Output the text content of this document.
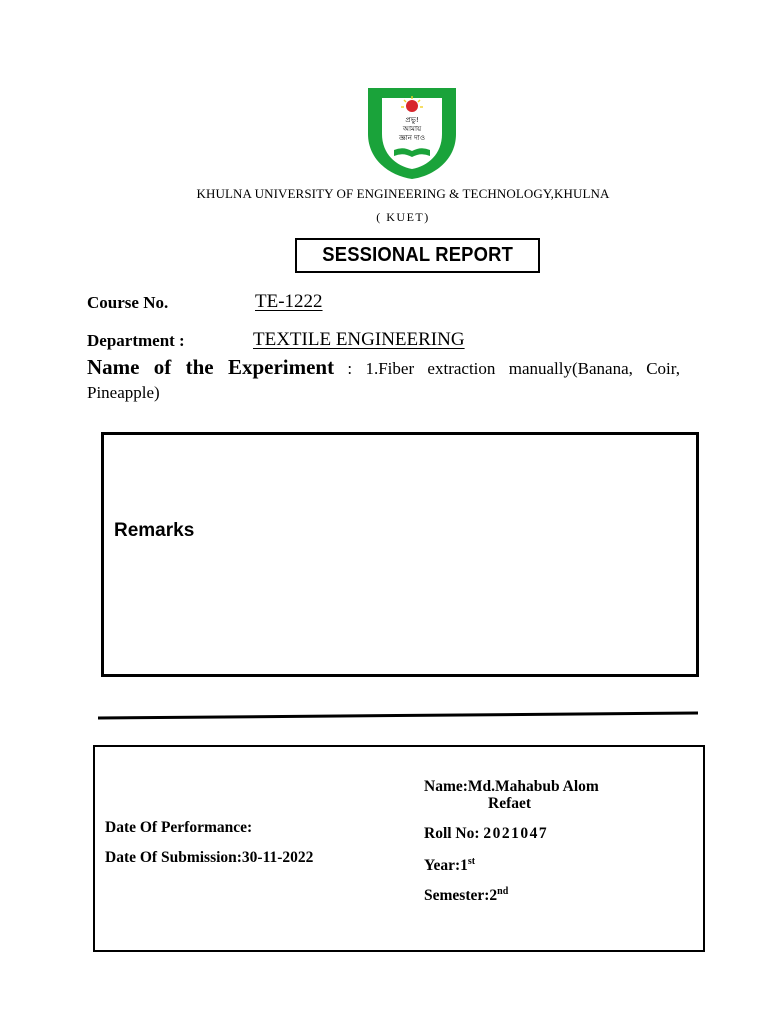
প্রভু!
আমায়
জ্ঞান দাও
KHULNA UNIVERSITY OF ENGINEERING & TECHNOLOGY,KHULNA
( KUET)
SESSIONAL REPORT
Course No.	TE-1222
Department :	TEXTILE ENGINEERING
Name of the Experiment : 1.Fiber extraction manually(Banana, Coir, Pineapple)
Remarks
Date Of Performance:
Date Of Submission:30-11-2022
Name:Md.Mahabub Alom
Refaet
Roll No: 2021047
Year:1st
Semester:2nd
